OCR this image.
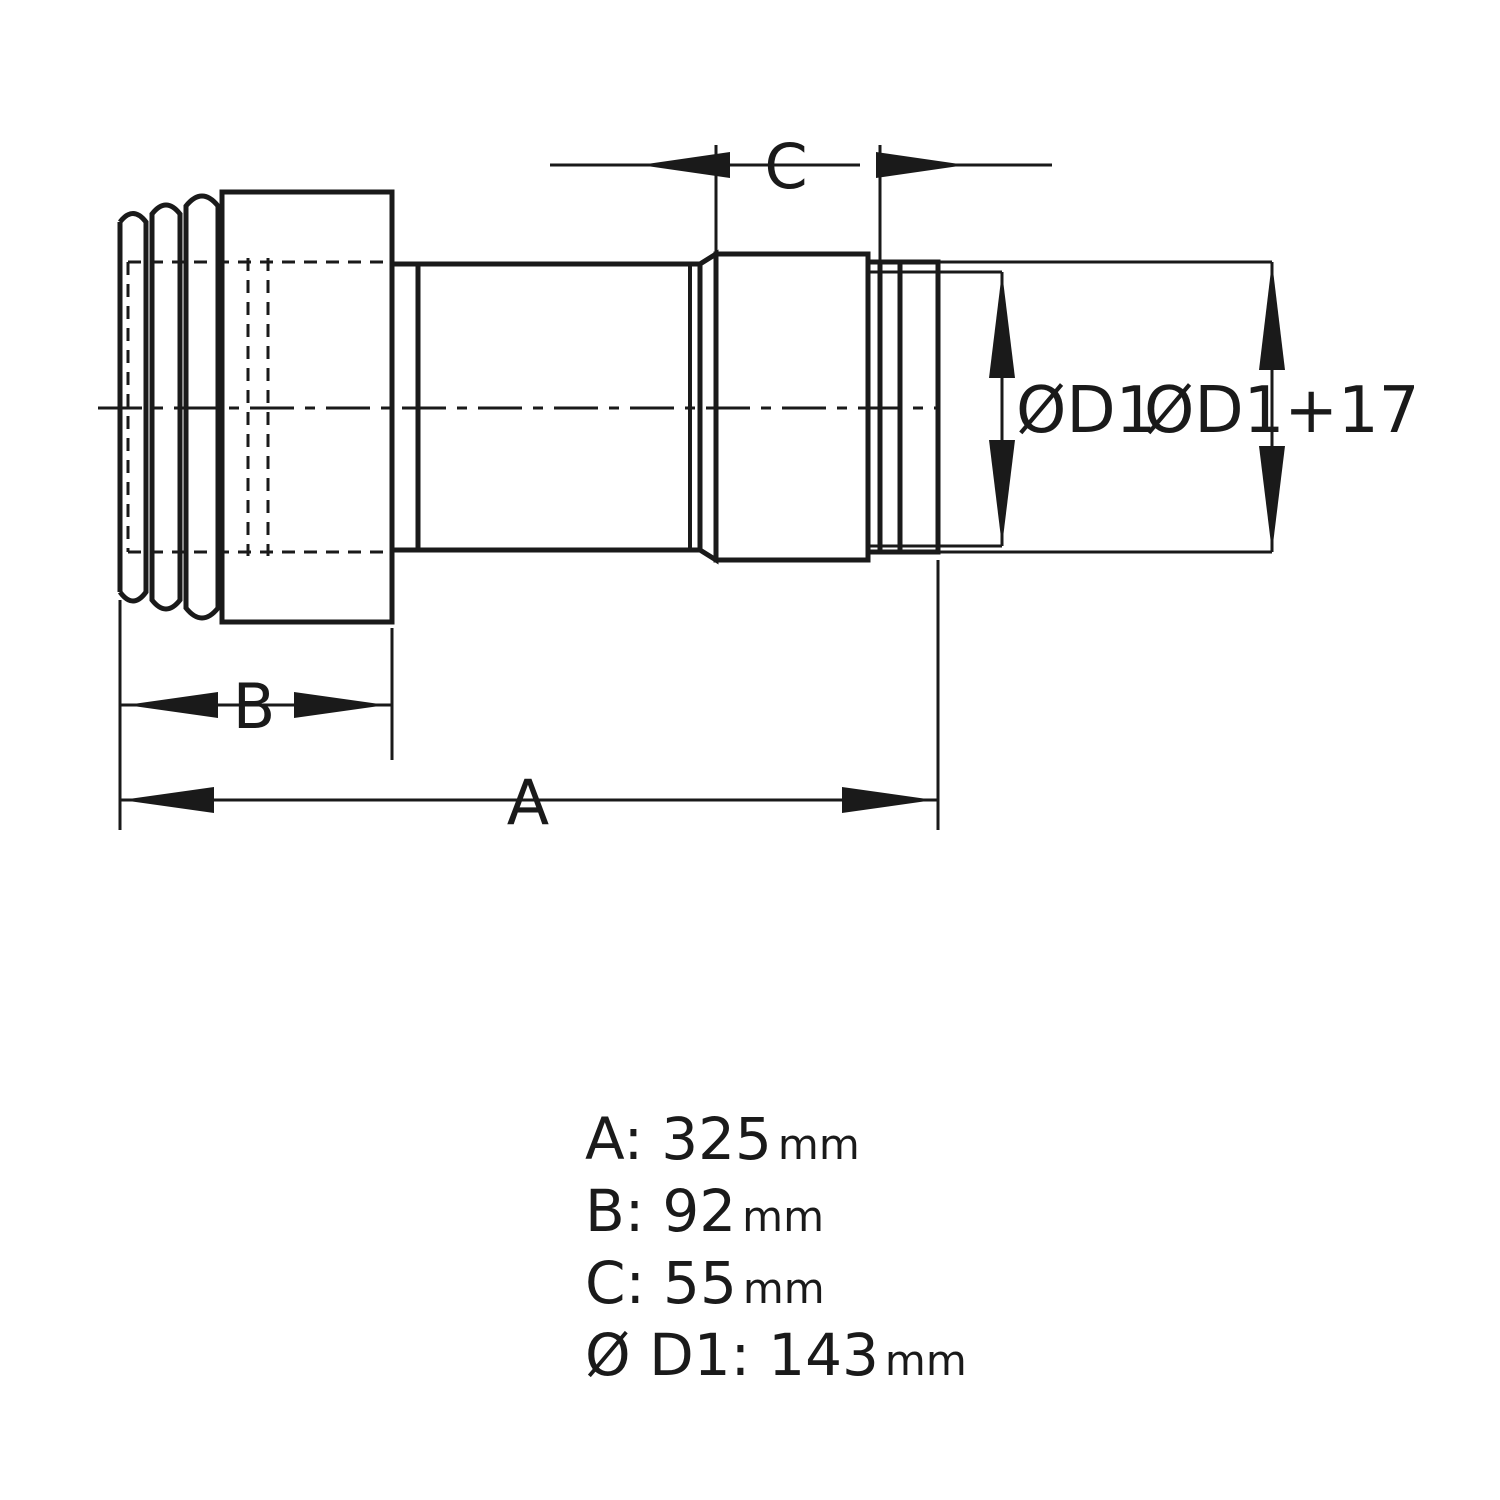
C
ØD1
ØD1+17
B
A
A: 325 mm
B: 92 mm
C: 55 mm
Ø D1: 143 mm
